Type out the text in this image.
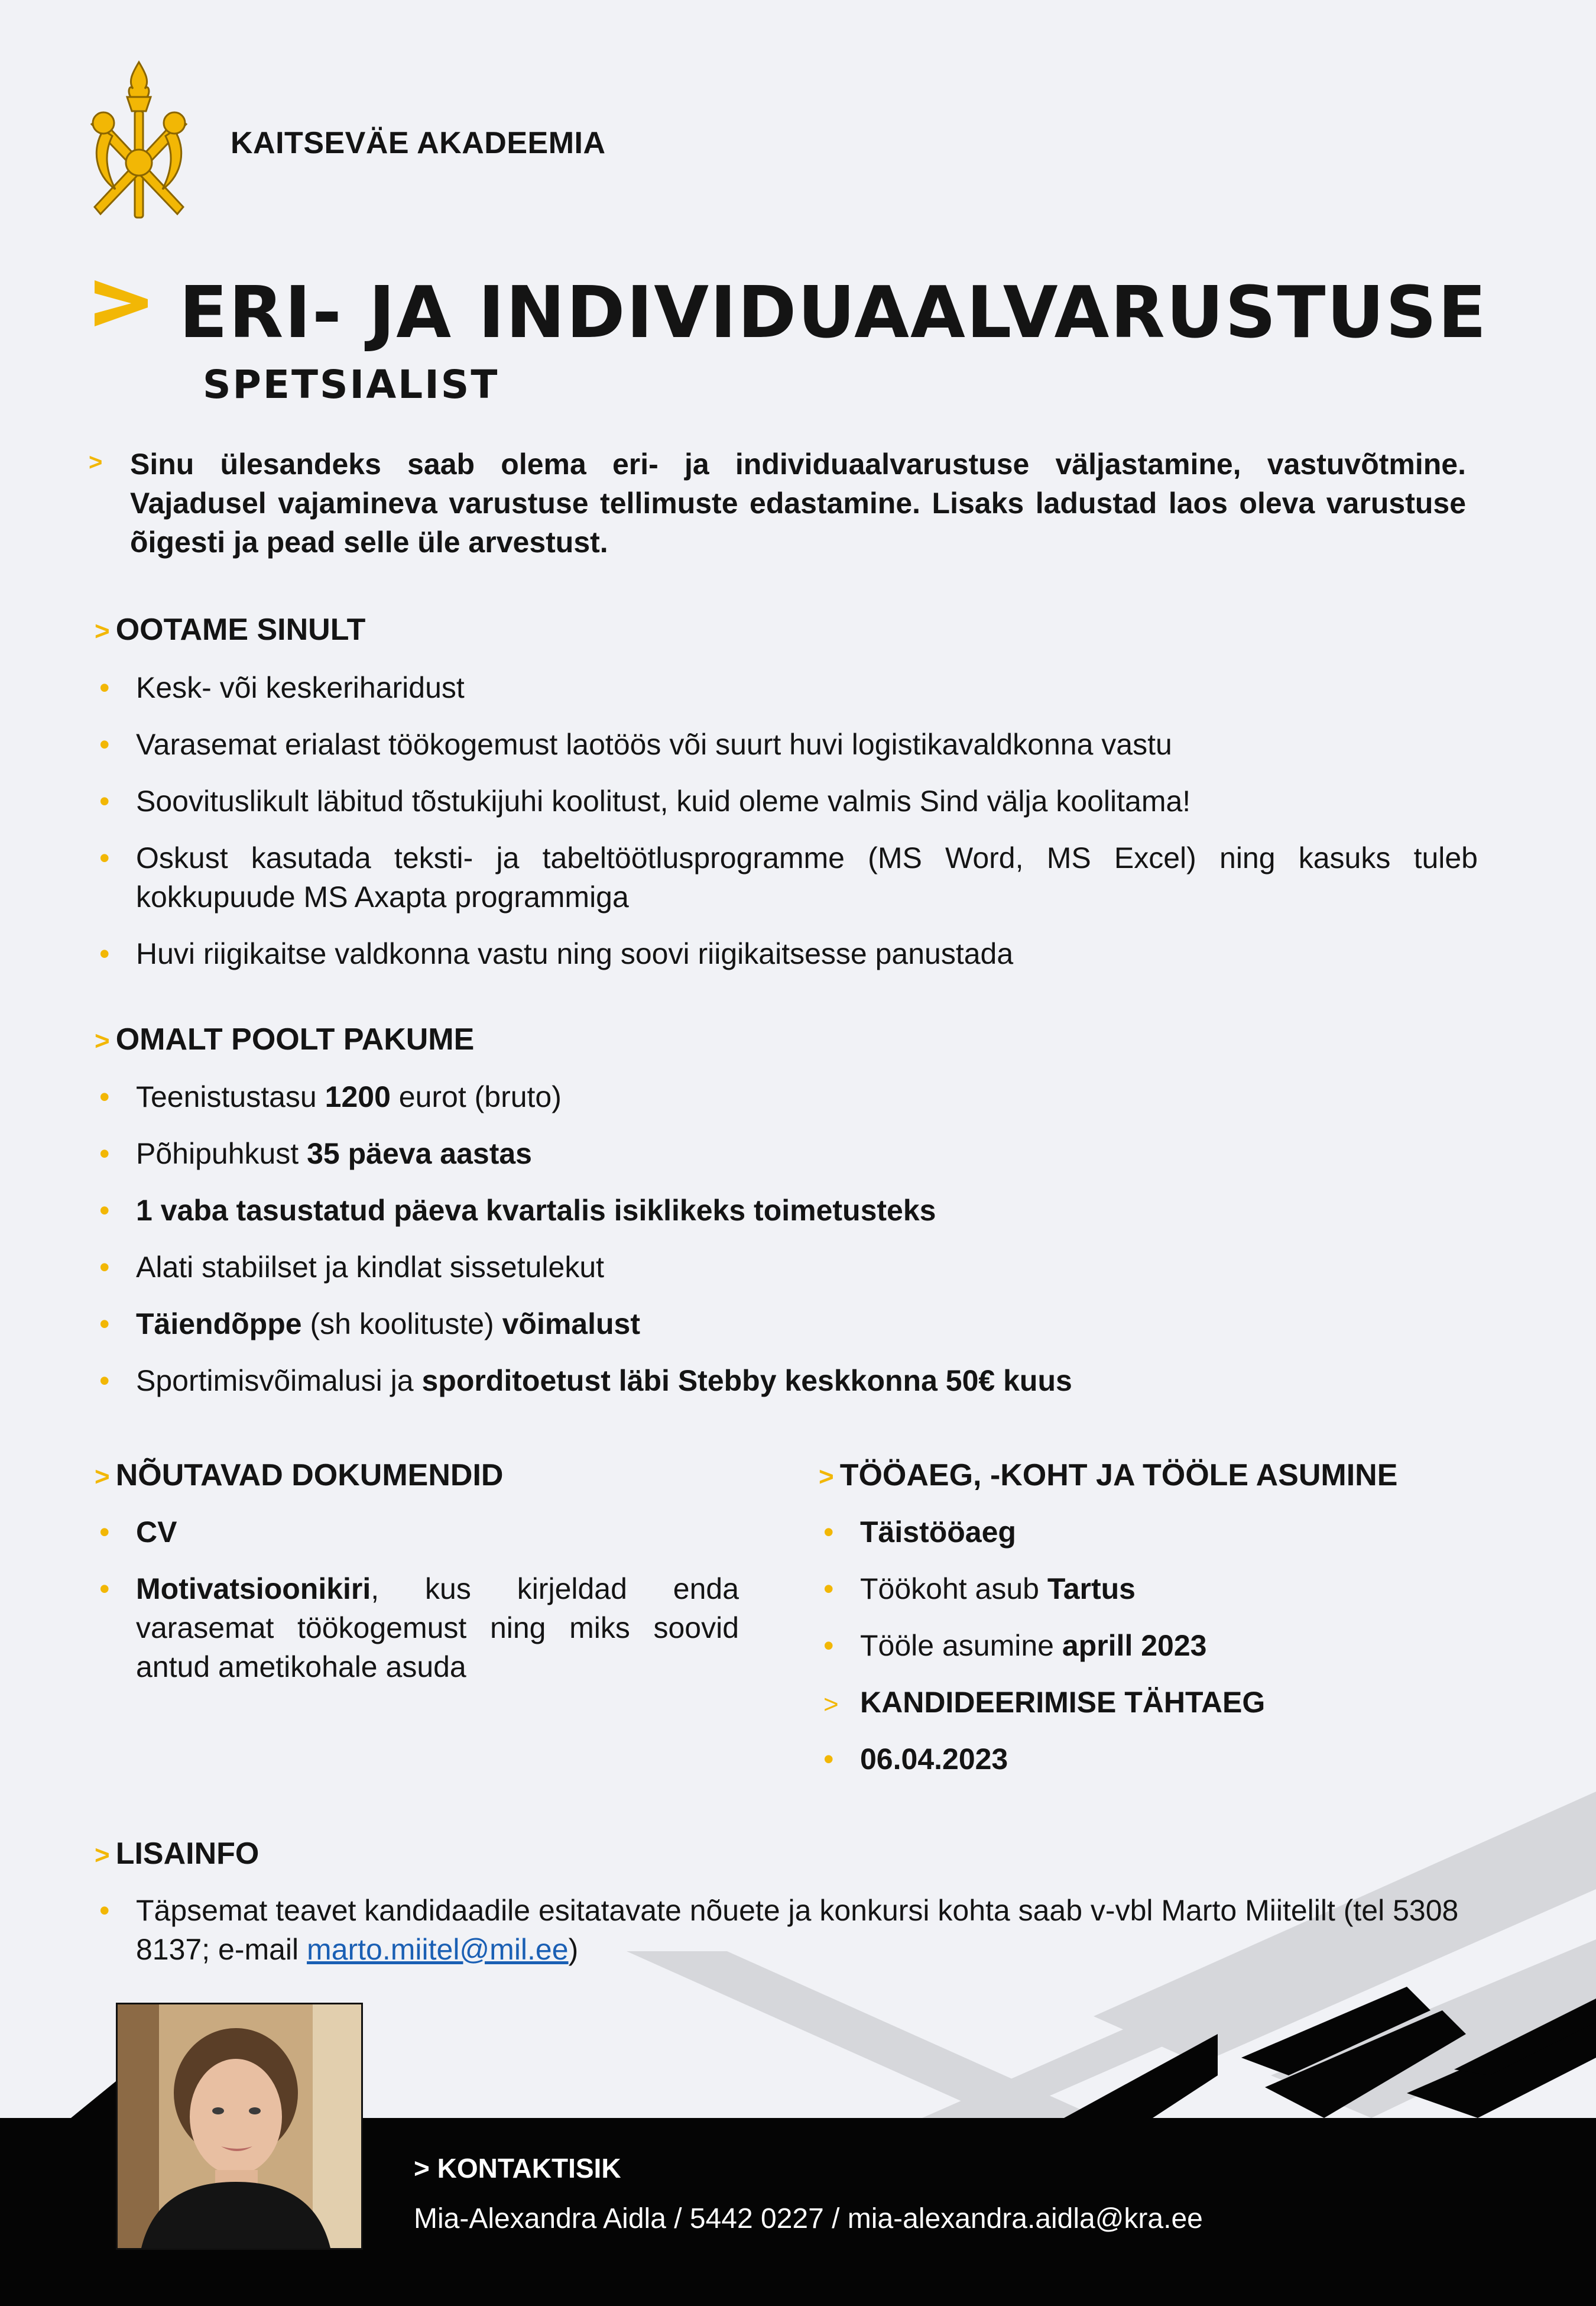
KAITSEVÄE AKADEEMIA
ERI- JA INDIVIDUAALVARUSTUSE
SPETSIALIST
> Sinu ülesandeks saab olema eri- ja individuaalvarustuse väljastamine, vastuvõtmine. Vajadusel vajamineva varustuse tellimuste edastamine. Lisaks ladustad laos oleva varustuse õigesti ja pead selle üle arvestust.

> OOTAME SINULT
• Kesk- või keskeriharidust
• Varasemat erialast töökogemust laotöös või suurt huvi logistikavaldkonna vastu
• Soovituslikult läbitud tõstukijuhi koolitust, kuid oleme valmis Sind välja koolitama!
• Oskust kasutada teksti- ja tabeltöötlusprogramme (MS Word, MS Excel) ning kasuks tuleb kokkupuude MS Axapta programmiga
• Huvi riigikaitse valdkonna vastu ning soovi riigikaitsesse panustada
> OMALT POOLT PAKUME
• Teenistustasu 1200 eurot (bruto)
• Põhipuhkust 35 päeva aastas
• 1 vaba tasustatud päeva kvartalis isiklikeks toimetusteks
• Alati stabiilset ja kindlat sissetulekut
• Täiendõppe (sh koolituste) võimalust
• Sportimisvõimalusi ja sporditoetust läbi Stebby keskkonna 50€ kuus
> NÕUTAVAD DOKUMENDID
• CV
• Motivatsioonikiri, kus kirjeldad enda varasemat töökogemust ning miks soovid antud ametikohale asuda
> TÖÖAEG, -KOHT JA TÖÖLE ASUMINE
• Täistööaeg
• Töökoht asub Tartus
• Tööle asumine aprill 2023
> KANDIDEERIMISE TÄHTAEG
• 06.04.2023
> LISAINFO
• Täpsemat teavet kandidaadile esitatavate nõuete ja konkursi kohta saab v-vbl Marto Miitelilt (tel 5308 8137; e-mail marto.miitel@mil.ee)
> KONTAKTISIK
Mia-Alexandra Aidla / 5442 0227 / mia-alexandra.aidla@kra.ee
